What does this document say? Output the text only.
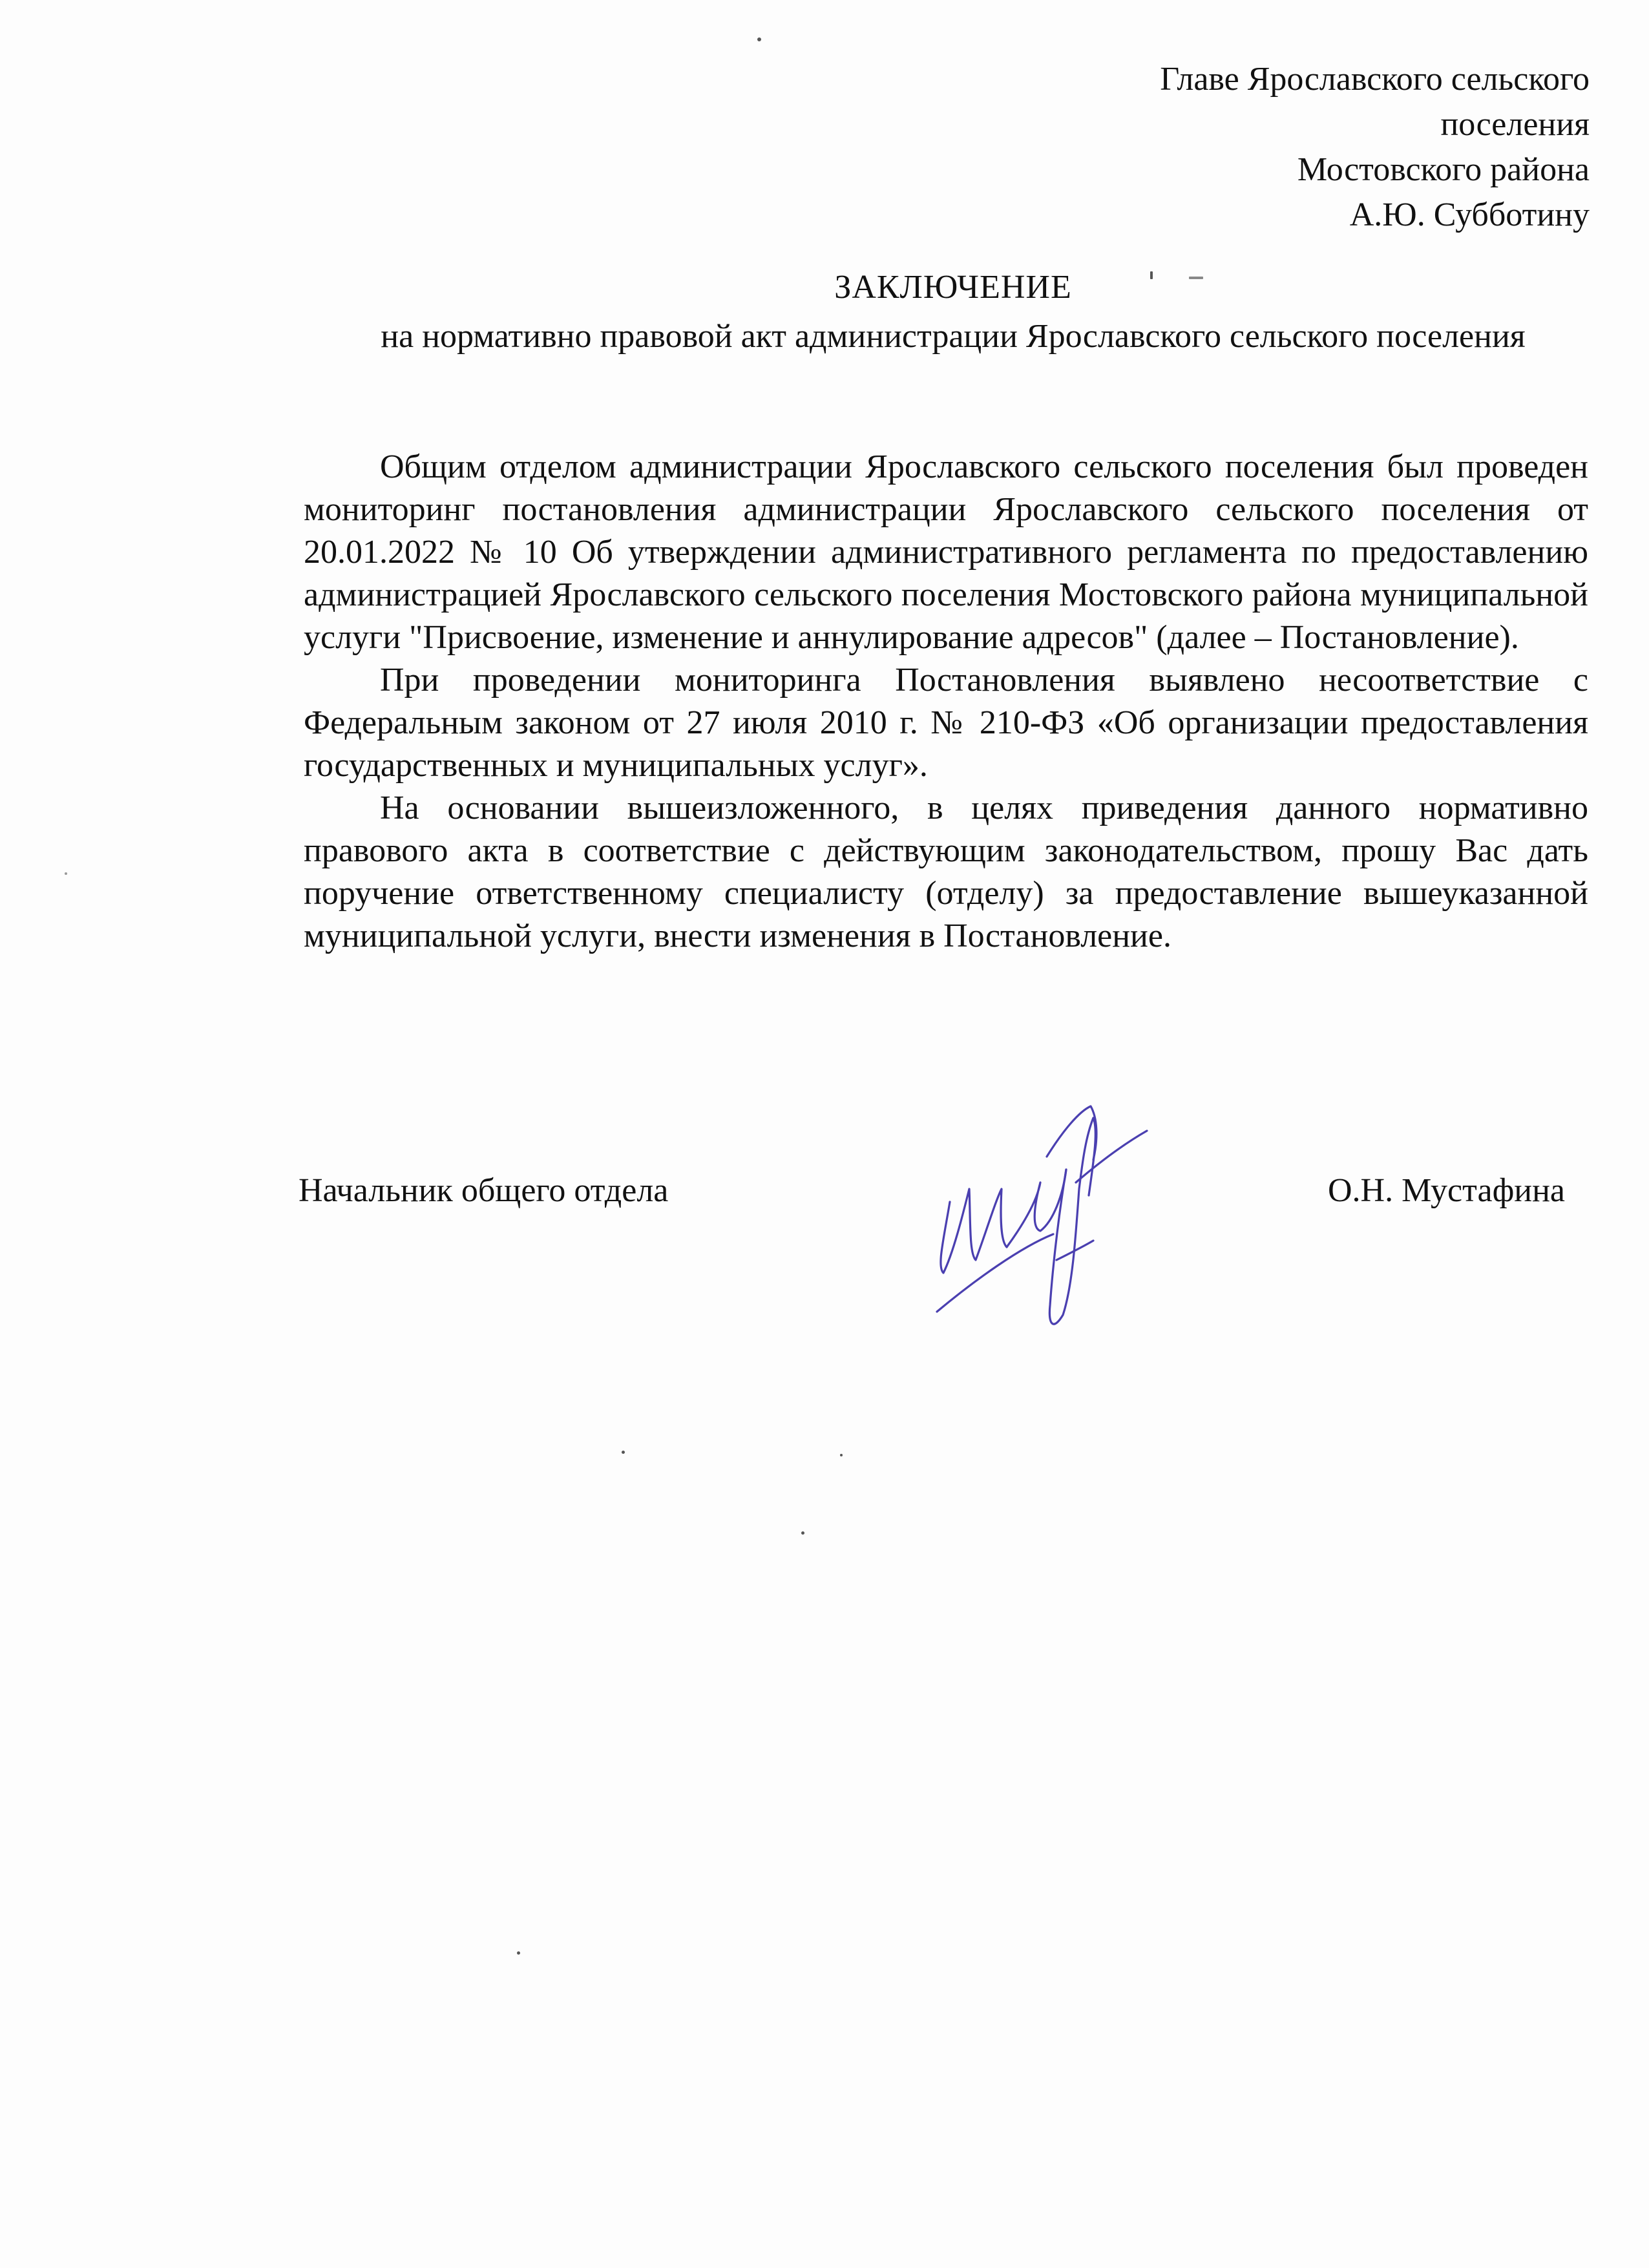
Главе Ярославского сельского
поселения
Мостовского района
А.Ю. Субботину
ЗАКЛЮЧЕНИЕ
на нормативно правовой акт администрации Ярославского сельского поселения

Общим отделом администрации Ярославского сельского поселения был проведен мониторинг постановления администрации Ярославского сельского поселения от 20.01.2022 № 10 Об утверждении административного регламента по предоставлению администрацией Ярославского сельского поселения Мостовского района муниципальной услуги "Присвоение, изменение и аннулирование адресов" (далее – Постановление).

При проведении мониторинга Постановления выявлено несоответствие с Федеральным законом от 27 июля 2010 г. № 210-ФЗ «Об организации предоставления государственных и муниципальных услуг».

На основании вышеизложенного, в целях приведения данного нормативно правового акта в соответствие с действующим законодательством, прошу Вас дать поручение ответственному специалисту (отделу) за предоставление вышеуказанной муниципальной услуги, внести изменения в Постановление.

Начальник общего отдела	О.Н. Мустафина
